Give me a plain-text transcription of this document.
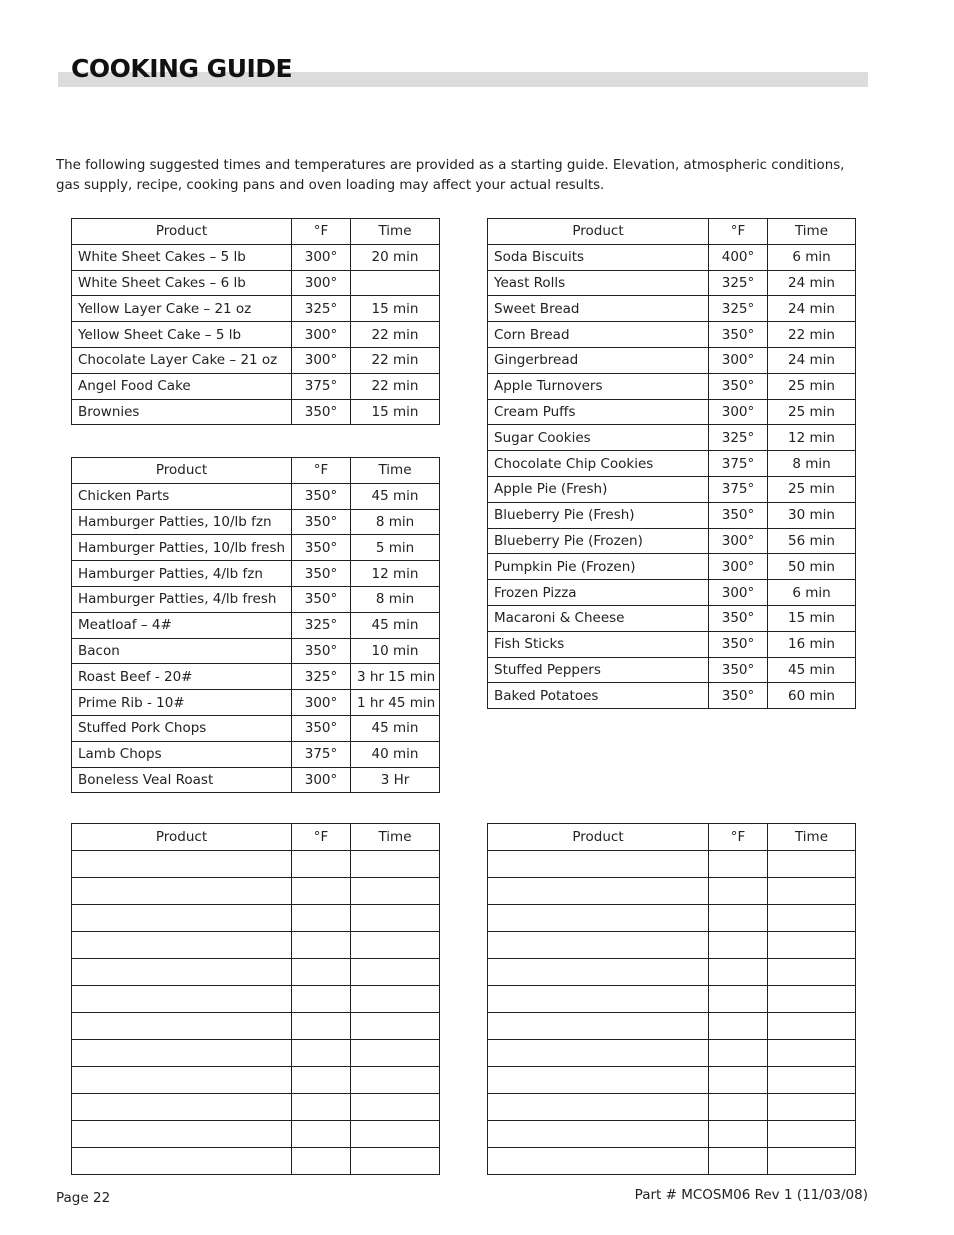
COOKING GUIDE

The following suggested times and temperatures are provided as a starting guide. Elevation, atmospheric conditions, gas supply, recipe, cooking pans and oven loading may affect your actual results.

Product	°F	Time
White Sheet Cakes – 5 lb	300°	20 min
White Sheet Cakes – 6 lb	300°	
Yellow Layer Cake – 21 oz	325°	15 min
Yellow Sheet Cake – 5 lb	300°	22 min
Chocolate Layer Cake – 21 oz	300°	22 min
Angel Food Cake	375°	22 min
Brownies	350°	15 min
Product	°F	Time
Chicken Parts	350°	45 min
Hamburger Patties, 10/lb fzn	350°	8 min
Hamburger Patties, 10/lb fresh	350°	5 min
Hamburger Patties, 4/lb fzn	350°	12 min
Hamburger Patties, 4/lb fresh	350°	8 min
Meatloaf – 4#	325°	45 min
Bacon	350°	10 min
Roast Beef - 20#	325°	3 hr 15 min
Prime Rib - 10#	300°	1 hr 45 min
Stuffed Pork Chops	350°	45 min
Lamb Chops	375°	40 min
Boneless Veal Roast	300°	3 Hr
Product	°F	Time
Soda Biscuits	400°	6 min
Yeast Rolls	325°	24 min
Sweet Bread	325°	24 min
Corn Bread	350°	22 min
Gingerbread	300°	24 min
Apple Turnovers	350°	25 min
Cream Puffs	300°	25 min
Sugar Cookies	325°	12 min
Chocolate Chip Cookies	375°	8 min
Apple Pie (Fresh)	375°	25 min
Blueberry Pie (Fresh)	350°	30 min
Blueberry Pie (Frozen)	300°	56 min
Pumpkin Pie (Frozen)	300°	50 min
Frozen Pizza	300°	6 min
Macaroni & Cheese	350°	15 min
Fish Sticks	350°	16 min
Stuffed Peppers	350°	45 min
Baked Potatoes	350°	60 min
Product	°F	Time

			Product	°F	Time

Page 22	Part # MCOSM06 Rev 1 (11/03/08)
